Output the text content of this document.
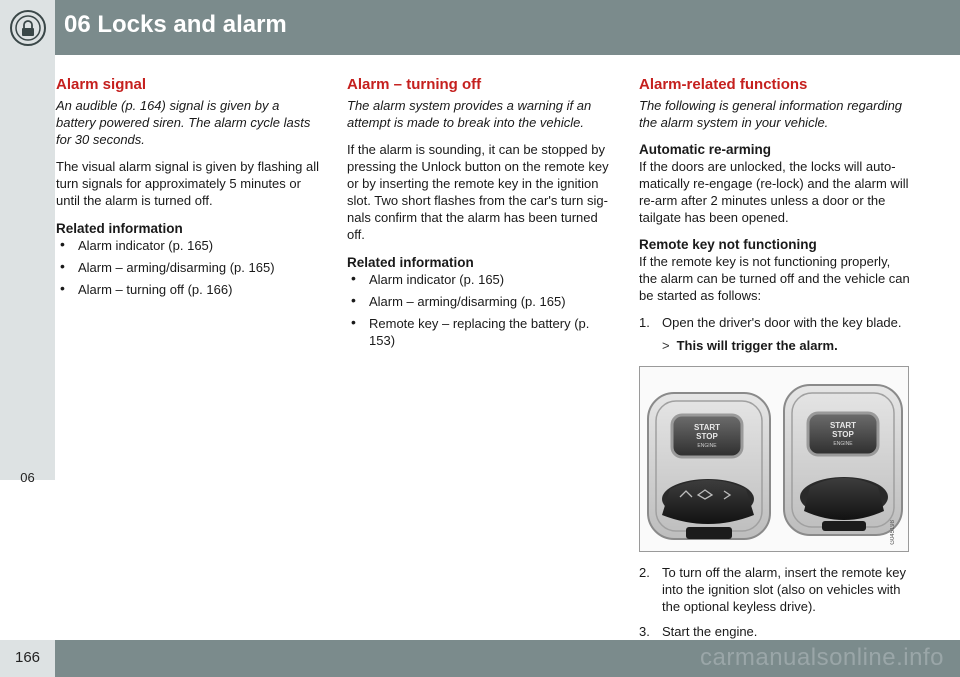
06 Locks and alarm
06
Alarm signal

An audible (p. 164) signal is given by a battery powered siren. The alarm cycle lasts for 30 seconds.

The visual alarm signal is given by flashing all turn signals for approximately 5 minutes or until the alarm is turned off.

Related information
• Alarm indicator (p. 165)
• Alarm – arming/disarming (p. 165)
• Alarm – turning off (p. 166)
Alarm – turning off

The alarm system provides a warning if an attempt is made to break into the vehicle.

If the alarm is sounding, it can be stopped by pressing the Unlock button on the remote key or by inserting the remote key in the ignition slot. Two short flashes from the car's turn sig-nals confirm that the alarm has been turned off.

Related information
• Alarm indicator (p. 165)
• Alarm – arming/disarming (p. 165)
• Remote key – replacing the battery (p. 153)
Alarm-related functions

The following is general information regarding the alarm system in your vehicle.

Automatic re-arming

If the doors are unlocked, the locks will auto-matically re-engage (re-lock) and the alarm will re-arm after 2 minutes unless a door or the tailgate has been opened.

Remote key not functioning

If the remote key is not functioning properly, the alarm can be turned off and the vehicle can be started as follows:

1. Open the driver's door with the key blade.
> This will trigger the alarm.
START
STOP
ENGINE
START
STOP
ENGINE
G045198
2. To turn off the alarm, insert the remote key into the ignition slot (also on vehicles with the optional keyless drive).
3. Start the engine.
166	carmanualsonline.info
